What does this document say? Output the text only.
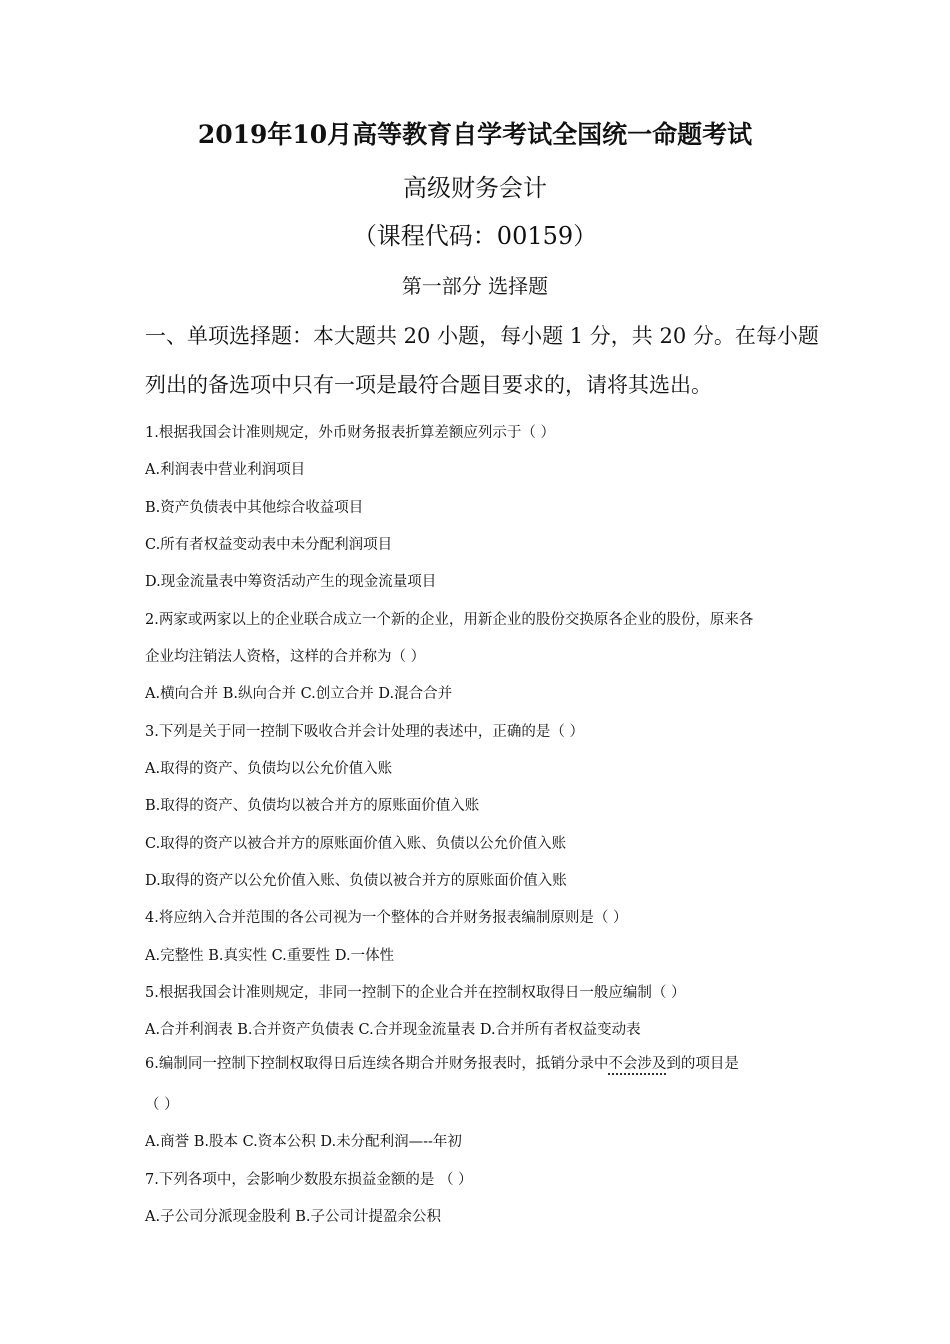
2019年10月高等教育自学考试全国统一命题考试
高级财务会计
（课程代码：00159）
第一部分 选择题
一、单项选择题：本大题共 20 小题，每小题 1 分，共 20 分。在每小题
列出的备选项中只有一项是最符合题目要求的，请将其选出。
1.根据我国会计准则规定，外币财务报表折算差额应列示于（ ）
A.利润表中营业利润项目
B.资产负债表中其他综合收益项目
C.所有者权益变动表中未分配利润项目
D.现金流量表中筹资活动产生的现金流量项目
2.两家或两家以上的企业联合成立一个新的企业，用新企业的股份交换原各企业的股份，原来各
企业均注销法人资格，这样的合并称为（ ）
A.横向合并 B.纵向合并 C.创立合并 D.混合合并
3.下列是关于同一控制下吸收合并会计处理的表述中，正确的是（ ）
A.取得的资产、负债均以公允价值入账
B.取得的资产、负债均以被合并方的原账面价值入账
C.取得的资产以被合并方的原账面价值入账、负债以公允价值入账
D.取得的资产以公允价值入账、负债以被合并方的原账面价值入账
4.将应纳入合并范围的各公司视为一个整体的合并财务报表编制原则是（ ）
A.完整性 B.真实性 C.重要性 D.一体性
5.根据我国会计准则规定，非同一控制下的企业合并在控制权取得日一般应编制（ ）
A.合并利润表 B.合并资产负债表 C.合并现金流量表 D.合并所有者权益变动表
6.编制同一控制下控制权取得日后连续各期合并财务报表时，抵销分录中不会涉及到的项目是
（ ）
A.商誉 B.股本 C.资本公积 D.未分配利润—--年初
7.下列各项中，会影响少数股东损益金额的是 （ ）
A.子公司分派现金股利 B.子公司计提盈余公积
